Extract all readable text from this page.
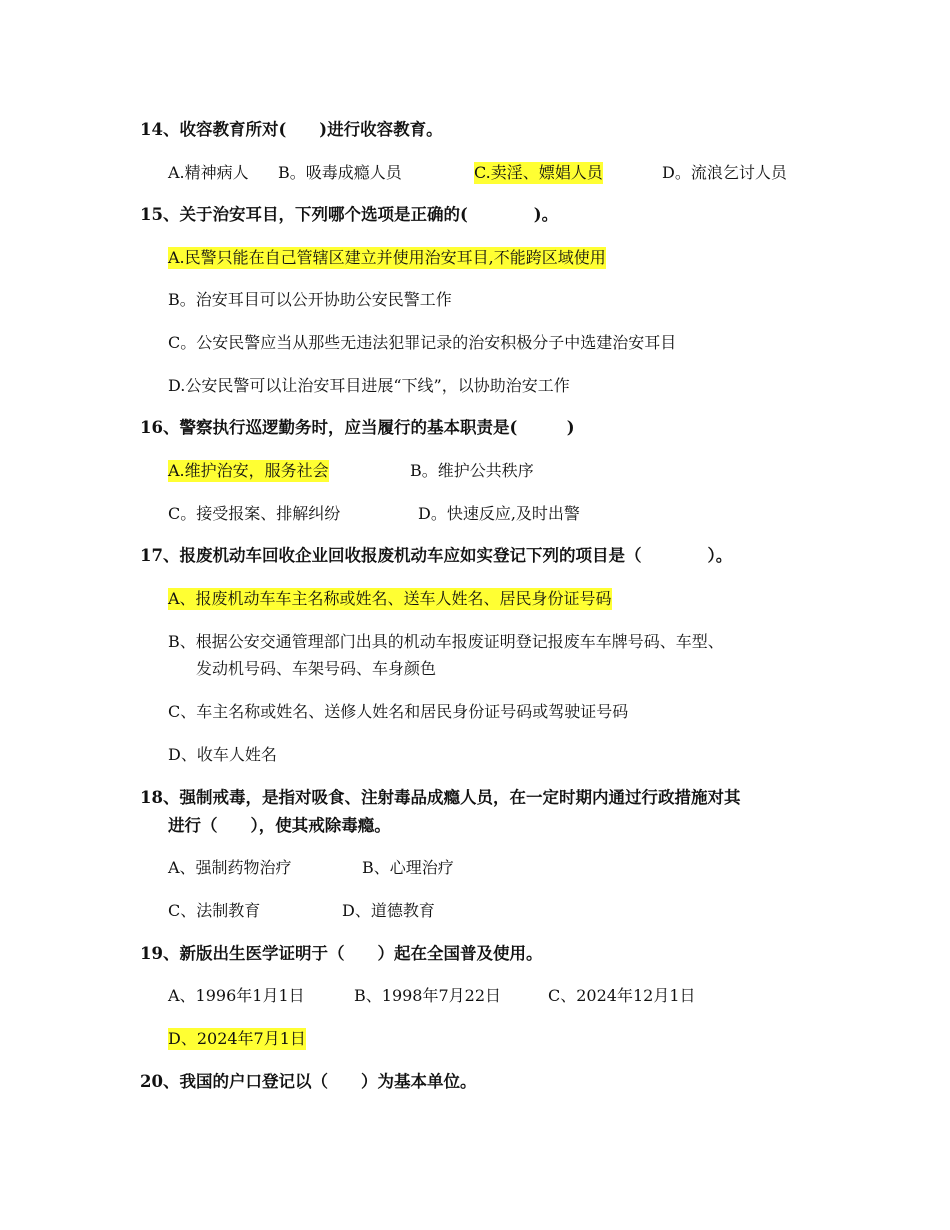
14、收容教育所对(　　)进行收容教育。
A.精神病人 B。吸毒成瘾人员	C.卖淫、嫖娼人员	D。流浪乞讨人员
15、关于治安耳目，下列哪个选项是正确的(　　　　)。
A.民警只能在自己管辖区建立并使用治安耳目,不能跨区域使用
B。治安耳目可以公开协助公安民警工作
C。公安民警应当从那些无违法犯罪记录的治安积极分子中选建治安耳目
D.公安民警可以让治安耳目进展“下线”，以协助治安工作
16、警察执行巡逻勤务时，应当履行的基本职责是(　　　)
A.维护治安，服务社会	B。维护公共秩序
C。接受报案、排解纠纷	D。快速反应,及时出警
17、报废机动车回收企业回收报废机动车应如实登记下列的项目是（　　　　）。
A、报废机动车车主名称或姓名、送车人姓名、居民身份证号码
B、根据公安交通管理部门出具的机动车报废证明登记报废车车牌号码、车型、
发动机号码、车架号码、车身颜色
C、车主名称或姓名、送修人姓名和居民身份证号码或驾驶证号码
D、收车人姓名
18、强制戒毒，是指对吸食、注射毒品成瘾人员，在一定时期内通过行政措施对其
进行（　　），使其戒除毒瘾。
A、强制药物治疗	B、心理治疗
C、法制教育	D、道德教育
19、新版出生医学证明于（　　）起在全国普及使用。
A、1996年1月1日	B、1998年7月22日	C、2024年12月1日
D、2024年7月1日
20、我国的户口登记以（　　）为基本单位。
